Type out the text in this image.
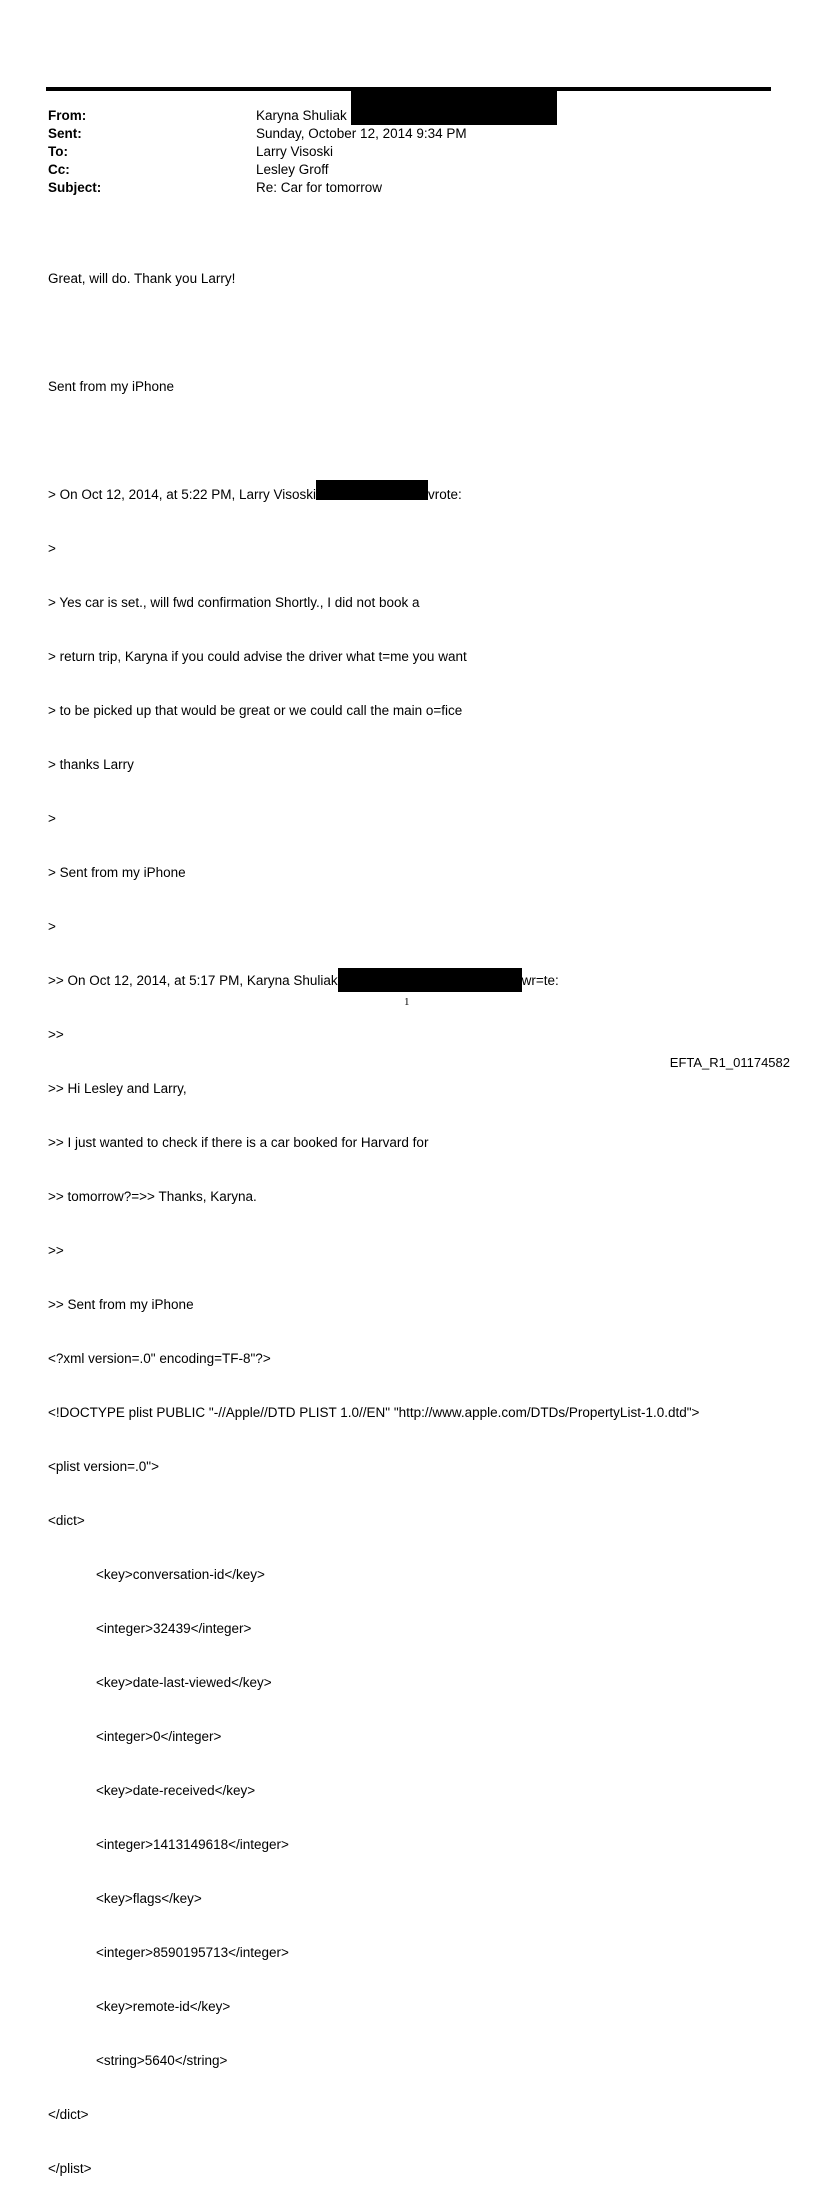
From:	Karyna Shuliak
Sent:	Sunday, October 12, 2014 9:34 PM
To:	Larry Visoski
Cc:	Lesley Groff
Subject:	Re: Car for tomorrow

Great, will do. Thank you Larry!

Sent from my iPhone

> On Oct 12, 2014, at 5:22 PM, Larry Visoski	vrote:

>

> Yes car is set., will fwd confirmation Shortly., I did not book a

> return trip, Karyna if you could advise the driver what t=me you want

> to be picked up that would be great or we could call the main o=fice

> thanks Larry

>

> Sent from my iPhone

>

>> On Oct 12, 2014, at 5:17 PM, Karyna Shuliak	wr=te:

>>

>> Hi Lesley and Larry,

>> I just wanted to check if there is a car booked for Harvard for

>> tomorrow?=>> Thanks, Karyna.

>>

>> Sent from my iPhone

<?xml version=.0" encoding=TF-8"?>

<!DOCTYPE plist PUBLIC "-//Apple//DTD PLIST 1.0//EN" "http://www.apple.com/DTDs/PropertyList-1.0.dtd">

<plist version=.0">

<dict>

<key>conversation-id</key>

<integer>32439</integer>

<key>date-last-viewed</key>

<integer>0</integer>

<key>date-received</key>

<integer>1413149618</integer>

<key>flags</key>

<integer>8590195713</integer>

<key>remote-id</key>

<string>5640</string>

</dict>

</plist>

1
EFTA_R1_01174582
